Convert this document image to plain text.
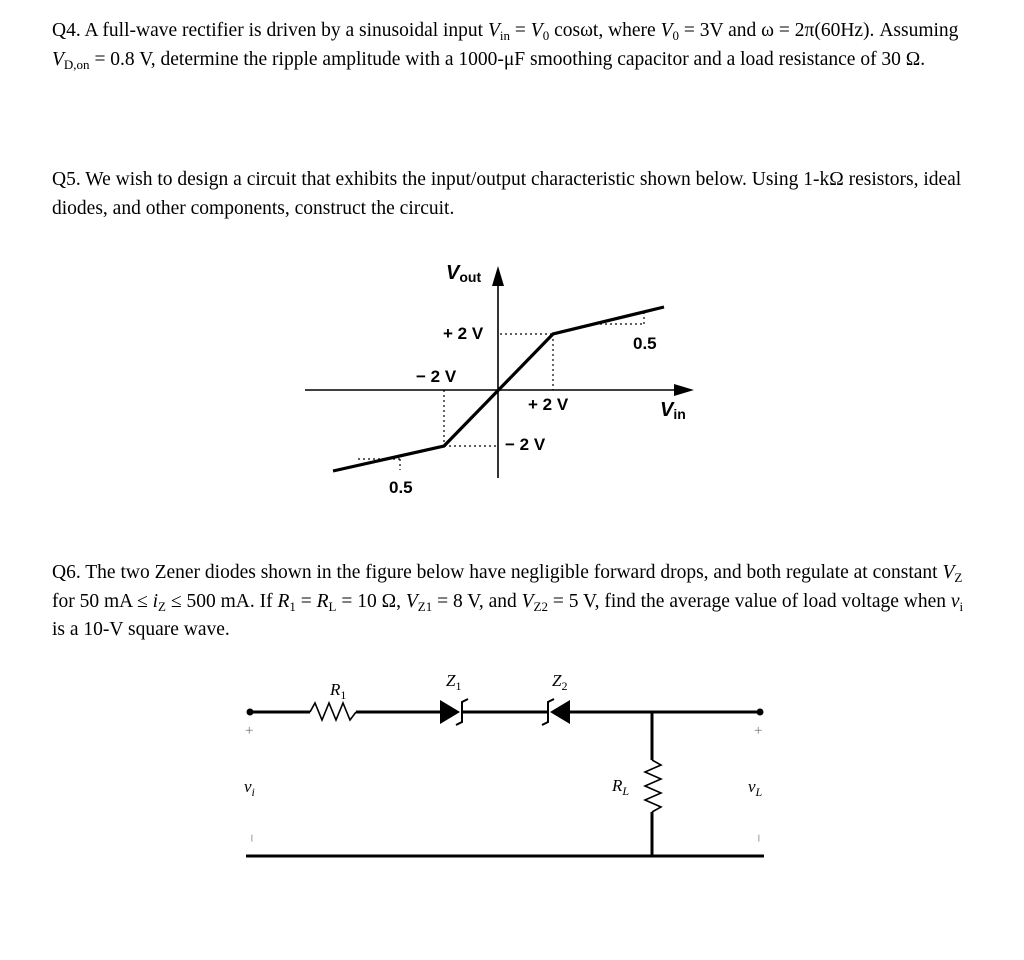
Q4. A full-wave rectifier is driven by a sinusoidal input $V_{in} = V_0$ cosωt, where $V_0 = 3V$ and ω = 2π(60Hz). Assuming $V_{D,on} = 0.8$ V, determine the ripple amplitude with a 1000-μF smoothing capacitor and a load resistance of 30 Ω.

Q5. We wish to design a circuit that exhibits the input/output characteristic shown below. Using 1-kΩ resistors, ideal diodes, and other components, construct the circuit.

Q6. The two Zener diodes shown in the figure below have negligible forward drops, and both regulate at constant $V_Z$ for 50 mA ≤ $i_Z \le 500$ mA. If $R_1 = R_L = 10$ Ω, $V_{Z1} = 8$ V, and $V_{Z2} = 5$ V, find the average value of load voltage when $v_i$ is a 10-V square wave.

Vout
Vin
+ 2 V
− 2 V
+ 2 V
− 2 V
0.5
0.5
$R_1$
$Z_1$	$Z_2$
$R_L$
$v_i$	$v_L$
+	+
−	−
